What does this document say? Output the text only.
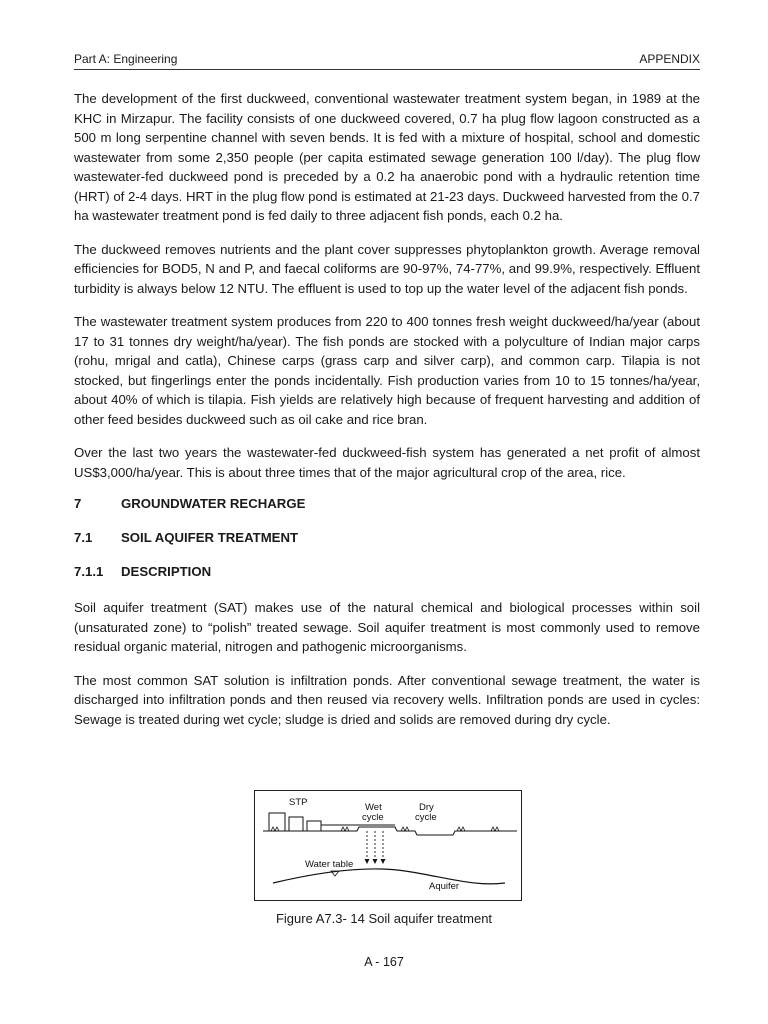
Part A: Engineering	APPENDIX

The development of the first duckweed, conventional wastewater treatment system began, in 1989 at the KHC in Mirzapur. The facility consists of one duckweed covered, 0.7 ha plug flow lagoon constructed as a 500 m long serpentine channel with seven bends. It is fed with a mixture of hospital, school and domestic wastewater from some 2,350 people (per capita estimated sewage generation 100 l/day). The plug flow wastewater-fed duckweed pond is preceded by a 0.2 ha anaerobic pond with a hydraulic retention time (HRT) of 2-4 days. HRT in the plug flow pond is estimated at 21-23 days. Duckweed harvested from the 0.7 ha wastewater treatment pond is fed daily to three adjacent fish ponds, each 0.2 ha.

The duckweed removes nutrients and the plant cover suppresses phytoplankton growth. Average removal efficiencies for BOD5, N and P, and faecal coliforms are 90-97%, 74-77%, and 99.9%, respectively. Effluent turbidity is always below 12 NTU. The effluent is used to top up the water level of the adjacent fish ponds.

The wastewater treatment system produces from 220 to 400 tonnes fresh weight duckweed/ha/year (about 17 to 31 tonnes dry weight/ha/year). The fish ponds are stocked with a polyculture of Indian major carps (rohu, mrigal and catla), Chinese carps (grass carp and silver carp), and common carp. Tilapia is not stocked, but fingerlings enter the ponds incidentally. Fish production varies from 10 to 15 tonnes/ha/year, about 40% of which is tilapia. Fish yields are relatively high because of frequent harvesting and addition of other feed besides duckweed such as oil cake and rice bran.

Over the last two years the wastewater-fed duckweed-fish system has generated a net profit of almost US$3,000/ha/year. This is about three times that of the major agricultural crop of the area, rice.

7	GROUNDWATER RECHARGE
7.1 SOIL AQUIFER TREATMENT
7.1.1 DESCRIPTION

Soil aquifer treatment (SAT) makes use of the natural chemical and biological processes within soil (unsaturated zone) to “polish” treated sewage. Soil aquifer treatment is most commonly used to remove residual organic material, nitrogen and pathogenic microorganisms.

The most common SAT solution is infiltration ponds. After conventional sewage treatment, the water is discharged into infiltration ponds and then reused via recovery wells. Infiltration ponds are used in cycles: Sewage is treated during wet cycle; sludge is dried and solids are removed during dry cycle.

STP	Wet
cycle
Dry
cycle
Water table
Aquifer
Figure A7.3- 14 Soil aquifer treatment
A - 167
